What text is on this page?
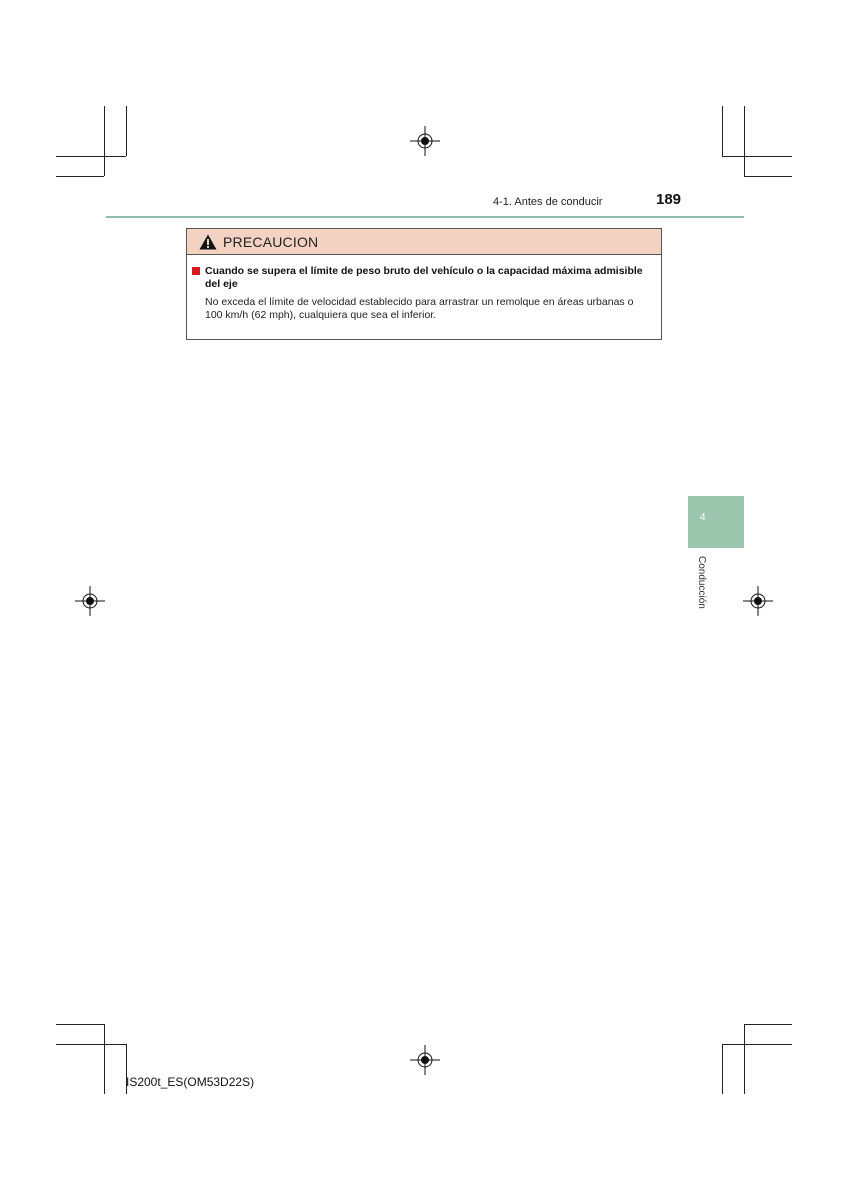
4-1. Antes de conducir	189
PRECAUCION
Cuando se supera el límite de peso bruto del vehículo o la capacidad máxima admisible del eje
No exceda el límite de velocidad establecido para arrastrar un remolque en áreas urbanas o 100 km/h (62 mph), cualquiera que sea el inferior.
4
Conducción
IS200t_ES(OM53D22S)
